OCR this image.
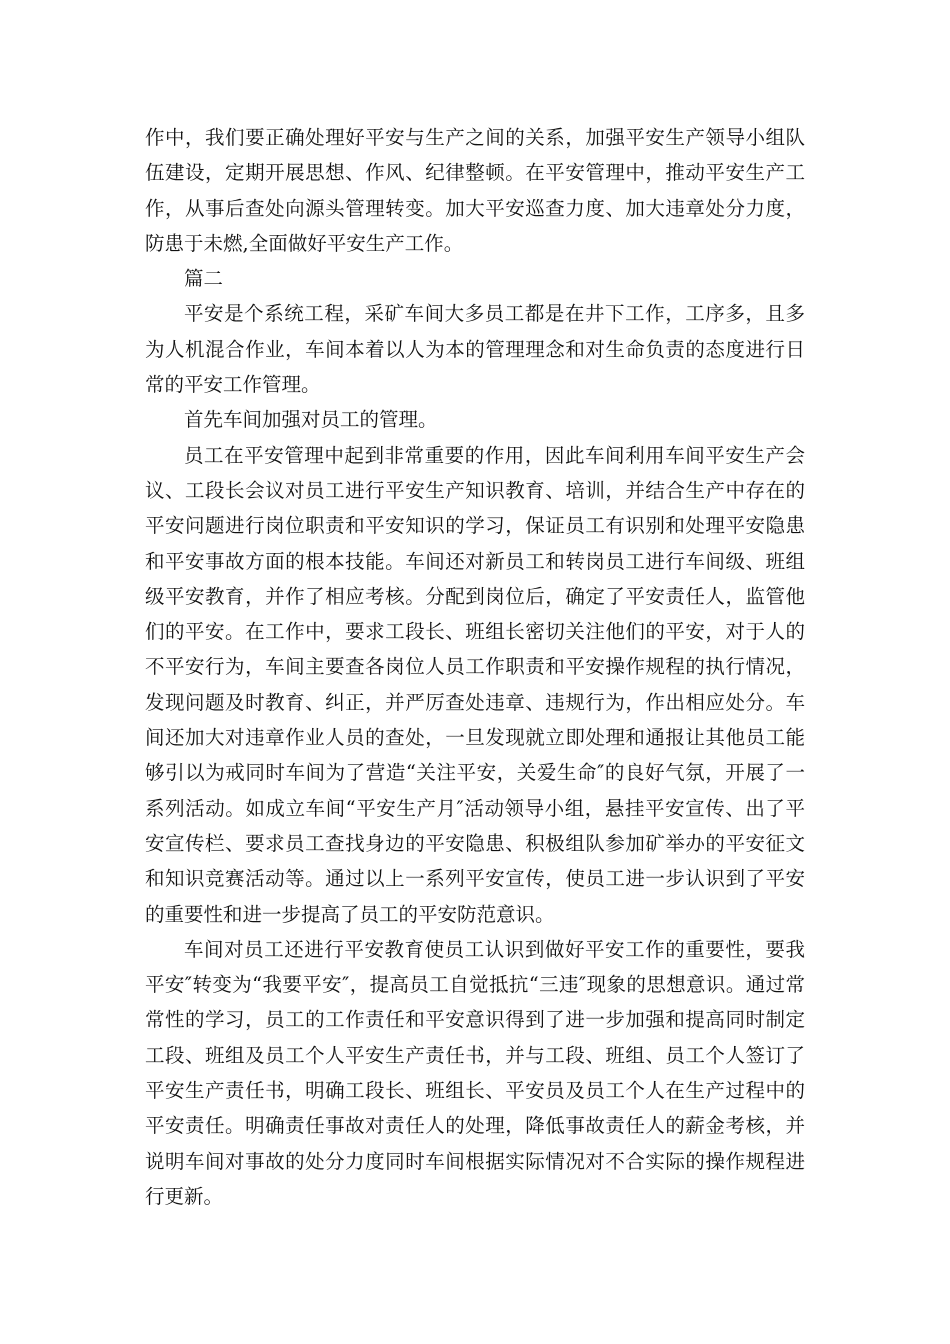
作中，我们要正确处理好平安与生产之间的关系，加强平安生产领导小组队伍建设，定期开展思想、作风、纪律整顿。在平安管理中，推动平安生产工作，从事后查处向源头管理转变。加大平安巡查力度、加大违章处分力度，防患于未燃,全面做好平安生产工作。

篇二

平安是个系统工程，采矿车间大多员工都是在井下工作，工序多，且多为人机混合作业，车间本着以人为本的管理理念和对生命负责的态度进行日常的平安工作管理。

首先车间加强对员工的管理。

员工在平安管理中起到非常重要的作用，因此车间利用车间平安生产会议、工段长会议对员工进行平安生产知识教育、培训，并结合生产中存在的平安问题进行岗位职责和平安知识的学习，保证员工有识别和处理平安隐患和平安事故方面的根本技能。车间还对新员工和转岗员工进行车间级、班组级平安教育，并作了相应考核。分配到岗位后，确定了平安责任人，监管他们的平安。在工作中，要求工段长、班组长密切关注他们的平安，对于人的不平安行为，车间主要查各岗位人员工作职责和平安操作规程的执行情况，发现问题及时教育、纠正，并严厉查处违章、违规行为，作出相应处分。车间还加大对违章作业人员的查处，一旦发现就立即处理和通报让其他员工能够引以为戒同时车间为了营造“关注平安，关爱生命″的良好气氛，开展了一系列活动。如成立车间“平安生产月″活动领导小组，悬挂平安宣传、出了平安宣传栏、要求员工查找身边的平安隐患、积极组队参加矿举办的平安征文和知识竞赛活动等。通过以上一系列平安宣传，使员工进一步认识到了平安的重要性和进一步提高了员工的平安防范意识。

车间对员工还进行平安教育使员工认识到做好平安工作的重要性，要我平安″转变为“我要平安″，提高员工自觉抵抗“三违″现象的思想意识。通过常常性的学习，员工的工作责任和平安意识得到了进一步加强和提高同时制定工段、班组及员工个人平安生产责任书，并与工段、班组、员工个人签订了平安生产责任书，明确工段长、班组长、平安员及员工个人在生产过程中的平安责任。明确责任事故对责任人的处理，降低事故责任人的薪金考核，并说明车间对事故的处分力度同时车间根据实际情况对不合实际的操作规程进行更新。
